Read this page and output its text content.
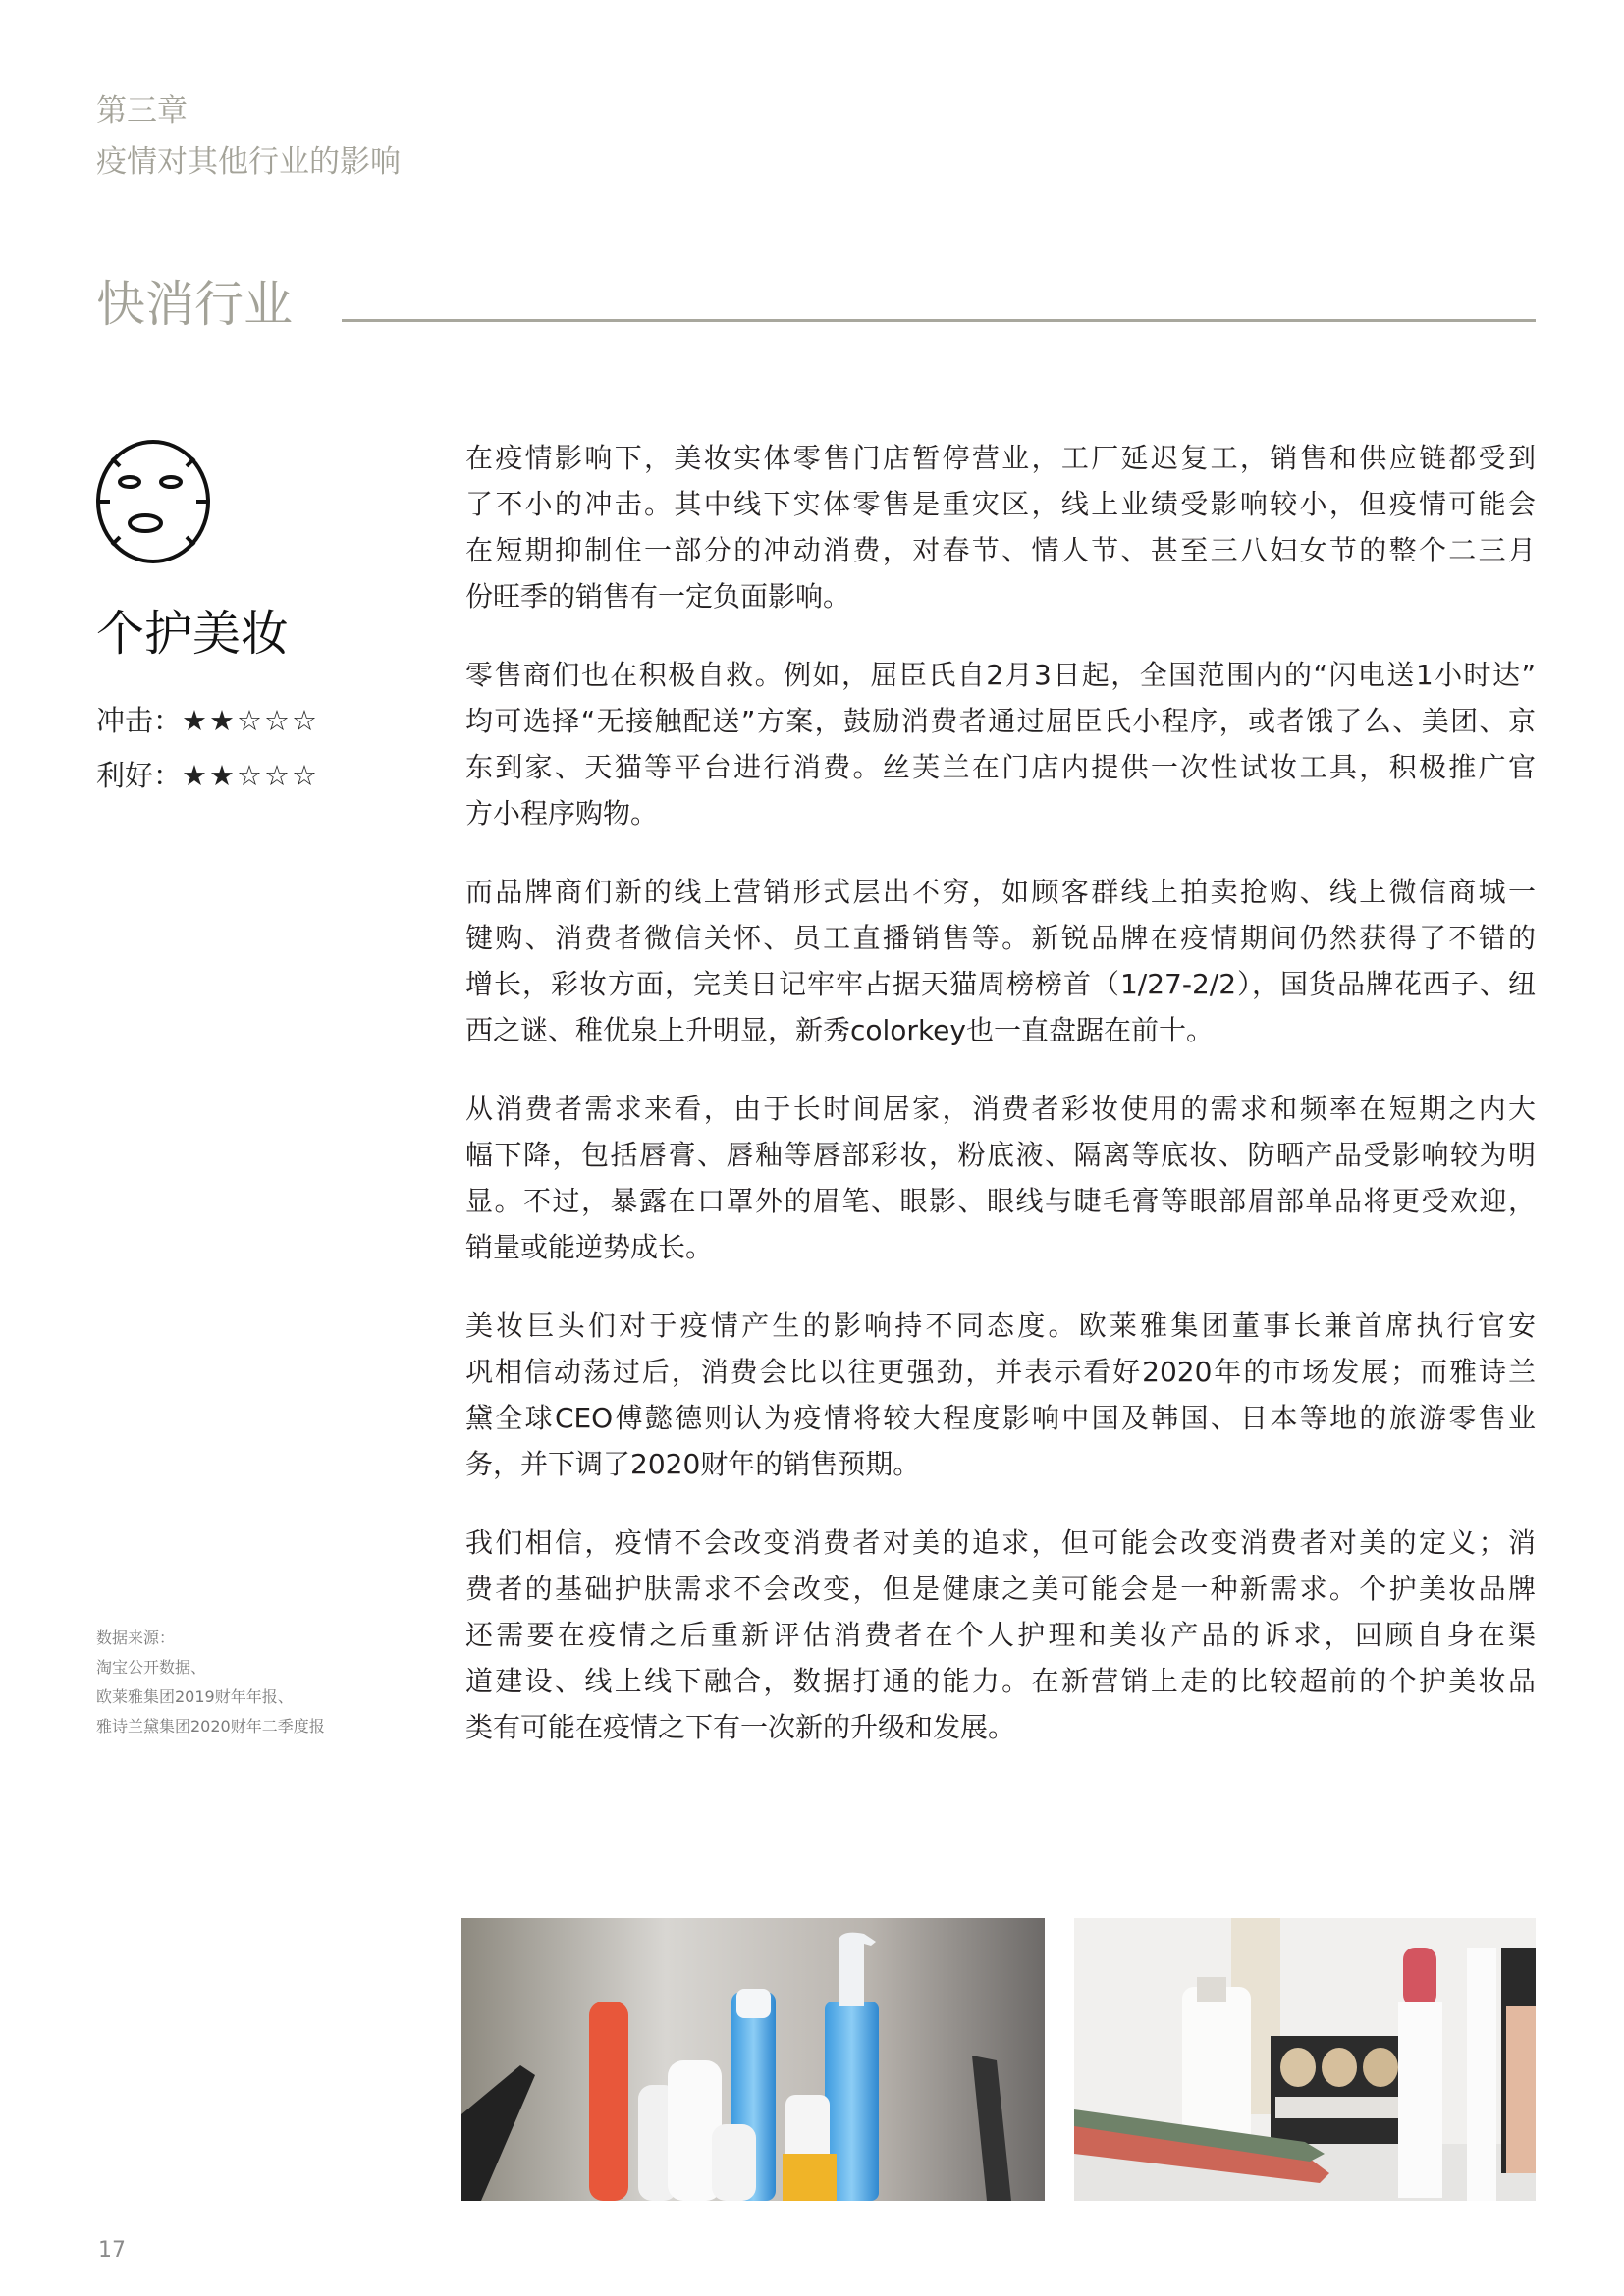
第三章
疫情对其他行业的影响
快消行业
个护美妆
冲击：★★☆☆☆
利好：★★☆☆☆
数据来源：
淘宝公开数据、
欧莱雅集团2019财年年报、
雅诗兰黛集团2020财年二季度报
在疫情影响下，美妆实体零售门店暂停营业，工厂延迟复工，销售和供应链都受到
了不小的冲击。其中线下实体零售是重灾区，线上业绩受影响较小，但疫情可能会
在短期抑制住一部分的冲动消费，对春节、情人节、甚至三八妇女节的整个二三月
份旺季的销售有一定负面影响。
零售商们也在积极自救。例如，屈臣氏自2月3日起，全国范围内的“闪电送1小时达”
均可选择“无接触配送”方案，鼓励消费者通过屈臣氏小程序，或者饿了么、美团、京
东到家、天猫等平台进行消费。丝芙兰在门店内提供一次性试妆工具，积极推广官
方小程序购物。
而品牌商们新的线上营销形式层出不穷，如顾客群线上拍卖抢购、线上微信商城一
键购、消费者微信关怀、员工直播销售等。新锐品牌在疫情期间仍然获得了不错的
增长，彩妆方面，完美日记牢牢占据天猫周榜榜首（1/27-2/2），国货品牌花西子、纽
西之谜、稚优泉上升明显，新秀colorkey也一直盘踞在前十。
从消费者需求来看，由于长时间居家，消费者彩妆使用的需求和频率在短期之内大
幅下降，包括唇膏、唇釉等唇部彩妆，粉底液、隔离等底妆、防晒产品受影响较为明
显。不过，暴露在口罩外的眉笔、眼影、眼线与睫毛膏等眼部眉部单品将更受欢迎，
销量或能逆势成长。
美妆巨头们对于疫情产生的影响持不同态度。欧莱雅集团董事长兼首席执行官安
巩相信动荡过后，消费会比以往更强劲，并表示看好2020年的市场发展；而雅诗兰
黛全球CEO傅懿德则认为疫情将较大程度影响中国及韩国、日本等地的旅游零售业
务，并下调了2020财年的销售预期。
我们相信，疫情不会改变消费者对美的追求，但可能会改变消费者对美的定义；消
费者的基础护肤需求不会改变，但是健康之美可能会是一种新需求。个护美妆品牌
还需要在疫情之后重新评估消费者在个人护理和美妆产品的诉求，回顾自身在渠
道建设、线上线下融合，数据打通的能力。在新营销上走的比较超前的个护美妆品
类有可能在疫情之下有一次新的升级和发展。
17
